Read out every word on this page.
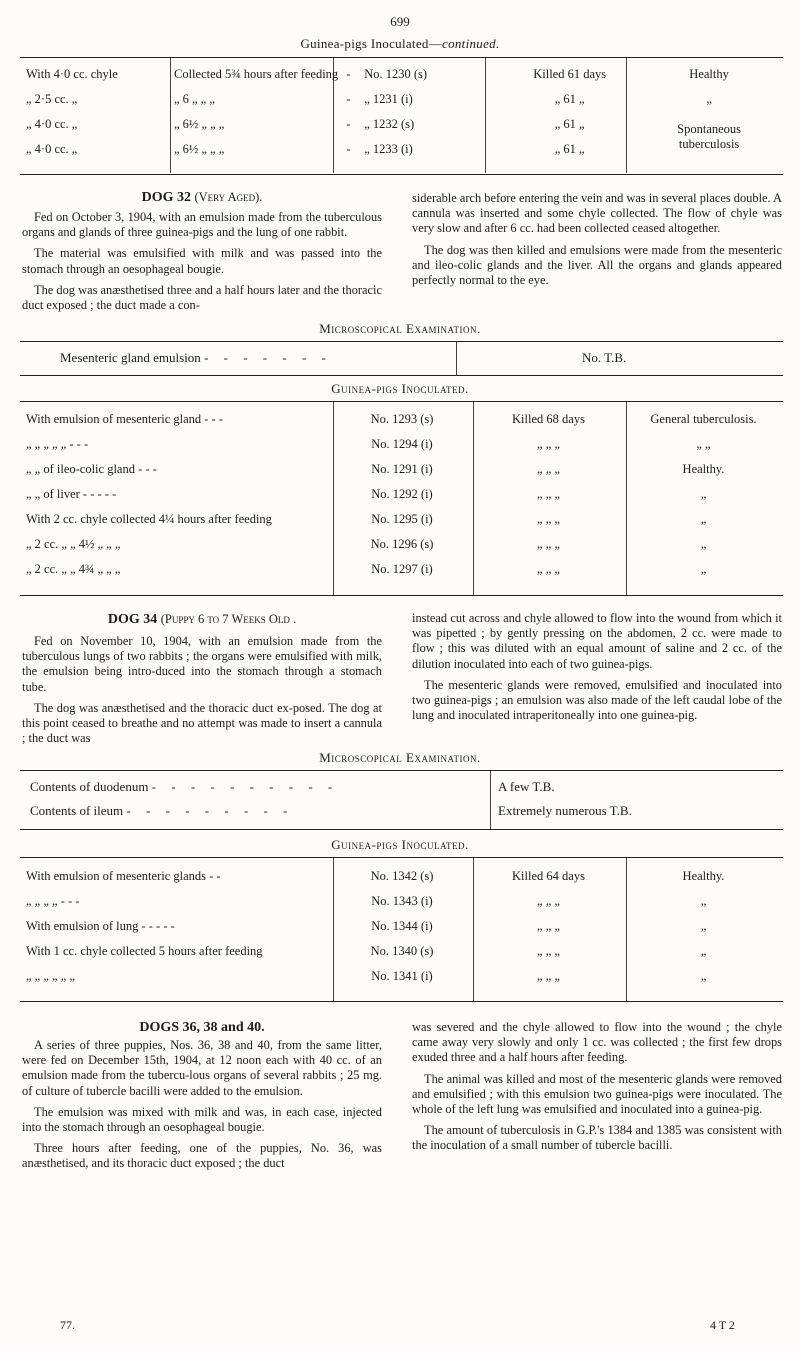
699
Guinea-pigs Inoculated—continued.
With 4·0 cc. chyle	Collected 5¾ hours after feeding	-	No. 1230 (s)	Killed 61 days	Healthy
„ 2·5 cc. „	„ 6 „ „ „	-	„ 1231 (i)	„ 61 „	„
„ 4·0 cc. „	„ 6½ „ „ „	-	„ 1232 (s)	„ 61 „	Spontaneous
tuberculosis
„ 4·0 cc. „	„ 6½ „ „ „	-	„ 1233 (i)	„ 61 „	
DOG 32 (Very Aged).

Fed on October 3, 1904, with an emulsion made from the tuberculous organs and glands of three guinea-pigs and the lung of one rabbit.

The material was emulsified with milk and was passed into the stomach through an oesophageal bougie.

The dog was anæsthetised three and a half hours later and the thoracic duct exposed ; the duct made a con-

siderable arch before entering the vein and was in several places double. A cannula was inserted and some chyle collected. The flow of chyle was very slow and after 6 cc. had been collected ceased altogether.

The dog was then killed and emulsions were made from the mesenteric and ileo-colic glands and the liver. All the organs and glands appeared perfectly normal to the eye.

Microscopical Examination.
Mesenteric gland emulsion - - - - - - -	No. T.B.
Guinea-pigs Inoculated.
With emulsion of mesenteric gland - - -	No. 1293 (s)	Killed 68 days	General tuberculosis.
„ „ „ „ „ - - -	No. 1294 (i)	„ „ „	„ „
„ „ of ileo-colic gland - - -	No. 1291 (i)	„ „ „	Healthy.
„ „ of liver - - - - -	No. 1292 (i)	„ „ „	„
With 2 cc. chyle collected 4¼ hours after feeding	No. 1295 (i)	„ „ „	„
„ 2 cc. „ „ 4½ „ „ „	No. 1296 (s)	„ „ „	„
„ 2 cc. „ „ 4¾ „ „ „	No. 1297 (i)	„ „ „	„
DOG 34 (Puppy 6 to 7 Weeks Old .

Fed on November 10, 1904, with an emulsion made from the tuberculous lungs of two rabbits ; the organs were emulsified with milk, the emulsion being intro-duced into the stomach through a stomach tube.

The dog was anæsthetised and the thoracic duct ex-posed. The dog at this point ceased to breathe and no attempt was made to insert a cannula ; the duct was

instead cut across and chyle allowed to flow into the wound from which it was pipetted ; by gently pressing on the abdomen, 2 cc. were made to flow ; this was diluted with an equal amount of saline and 2 cc. of the dilution inoculated into each of two guinea-pigs.

The mesenteric glands were removed, emulsified and inoculated into two guinea-pigs ; an emulsion was also made of the left caudal lobe of the lung and inoculated intraperitoneally into one guinea-pig.

Microscopical Examination.
Contents of duodenum - - - - - - - - - -	A few T.B.
Contents of ileum - - - - - - - - -	Extremely numerous T.B.
Guinea-pigs Inoculated.
With emulsion of mesenteric glands - -	No. 1342 (s)	Killed 64 days	Healthy.
„ „ „ „ - - -	No. 1343 (i)	„ „ „	„
With emulsion of lung - - - - -	No. 1344 (i)	„ „ „	„
With 1 cc. chyle collected 5 hours after feeding	No. 1340 (s)	„ „ „	„
„ „ „ „ „ „	No. 1341 (i)	„ „ „	„
DOGS 36, 38 and 40.

A series of three puppies, Nos. 36, 38 and 40, from the same litter, were fed on December 15th, 1904, at 12 noon each with 40 cc. of an emulsion made from the tubercu-lous organs of several rabbits ; 25 mg. of culture of tubercle bacilli were added to the emulsion.

The emulsion was mixed with milk and was, in each case, injected into the stomach through an oesophageal bougie.

Three hours after feeding, one of the puppies, No. 36, was anæsthetised, and its thoracic duct exposed ; the duct

was severed and the chyle allowed to flow into the wound ; the chyle came away very slowly and only 1 cc. was collected ; the first few drops exuded three and a half hours after feeding.

The animal was killed and most of the mesenteric glands were removed and emulsified ; with this emulsion two guinea-pigs were inoculated. The whole of the left lung was emulsified and inoculated into a guinea-pig.

The amount of tuberculosis in G.P.'s 1384 and 1385 was consistent with the inoculation of a small number of tubercle bacilli.

77.	4 T 2
